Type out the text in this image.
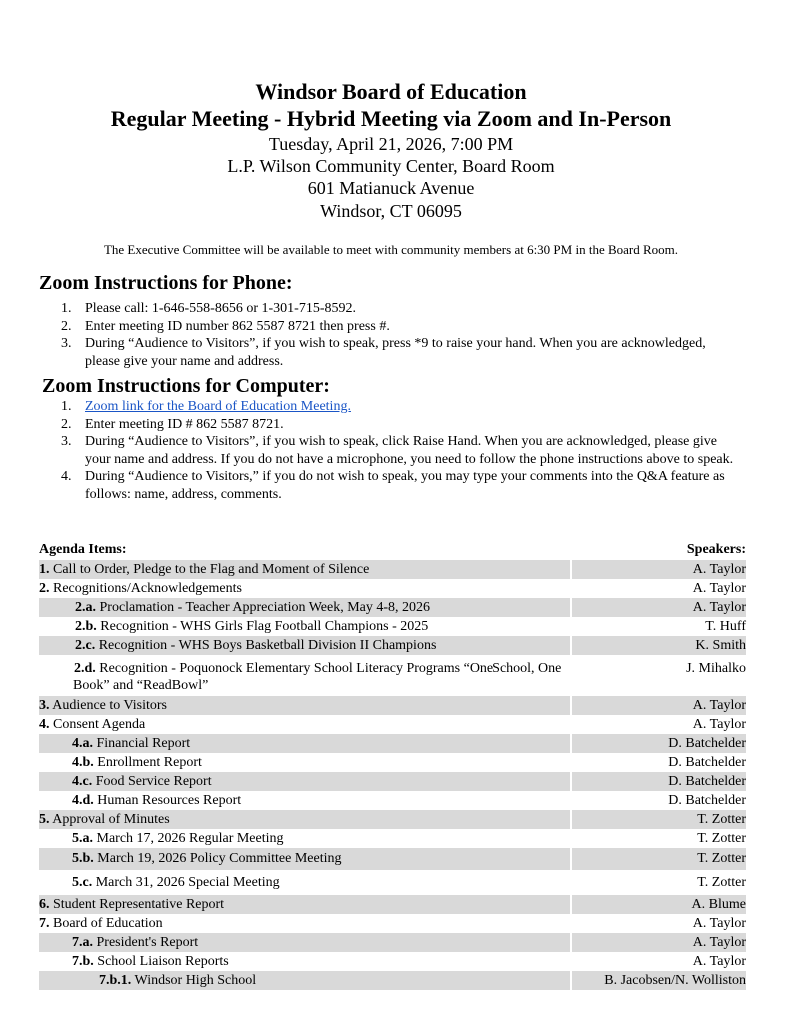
Windsor Board of Education
Regular Meeting - Hybrid Meeting via Zoom and In-Person
Tuesday, April 21, 2026, 7:00 PM
L.P. Wilson Community Center, Board Room
601 Matianuck Avenue
Windsor, CT 06095
The Executive Committee will be available to meet with community members at 6:30 PM in the Board Room.
Zoom Instructions for Phone:
1. Please call: 1-646-558-8656 or 1-301-715-8592.
2. Enter meeting ID number 862 5587 8721 then press #.
3. During “Audience to Visitors”, if you wish to speak, press *9 to raise your hand. When you are acknowledged, please give your name and address.
Zoom Instructions for Computer:
1. Zoom link for the Board of Education Meeting.
2. Enter meeting ID # 862 5587 8721.
3. During “Audience to Visitors”, if you wish to speak, click Raise Hand. When you are acknowledged, please give your name and address. If you do not have a microphone, you need to follow the phone instructions above to speak.
4. During “Audience to Visitors,” if you do not wish to speak, you may type your comments into the Q&A feature as follows: name, address, comments.
Agenda Items:	Speakers:
1. Call to Order, Pledge to the Flag and Moment of Silence	A. Taylor
2. Recognitions/Acknowledgements	A. Taylor
2.a. Proclamation - Teacher Appreciation Week, May 4-8, 2026	A. Taylor
2.b. Recognition - WHS Girls Flag Football Champions - 2025	T. Huff
2.c. Recognition - WHS Boys Basketball Division II Champions	K. Smith
2.d. Recognition - Poquonock Elementary School Literacy Programs “OneSchool, One Book” and “ReadBowl”
J. Mihalko
3. Audience to Visitors	A. Taylor
4. Consent Agenda	A. Taylor
4.a. Financial Report	D. Batchelder
4.b. Enrollment Report	D. Batchelder
4.c. Food Service Report	D. Batchelder
4.d. Human Resources Report	D. Batchelder
5. Approval of Minutes	T. Zotter
5.a. March 17, 2026 Regular Meeting	T. Zotter
5.b. March 19, 2026 Policy Committee Meeting	T. Zotter
5.c. March 31, 2026 Special Meeting	T. Zotter
6. Student Representative Report	A. Blume
7. Board of Education	A. Taylor
7.a. President's Report	A. Taylor
7.b. School Liaison Reports	A. Taylor
7.b.1. Windsor High School	B. Jacobsen/N. Wolliston
